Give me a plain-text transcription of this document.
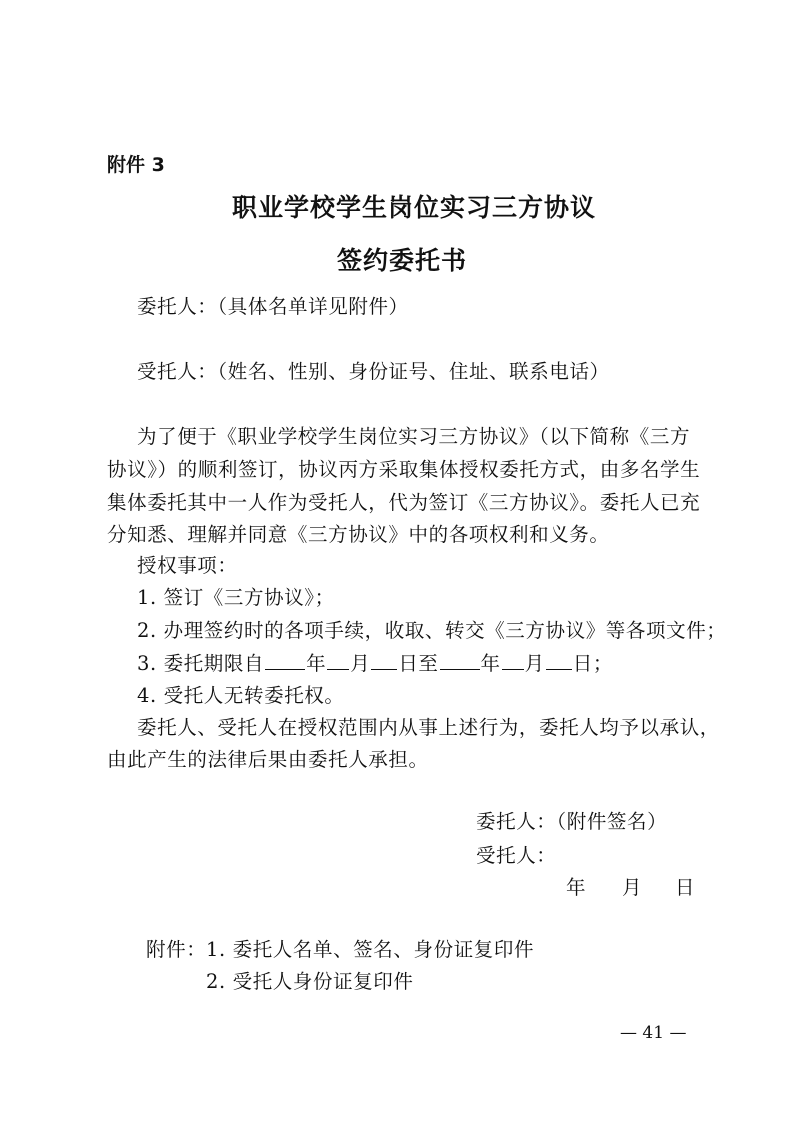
附件 3
职业学校学生岗位实习三方协议
签约委托书
委托人：（具体名单详见附件）
受托人：（姓名、性别、身份证号、住址、联系电话）
为了便于《职业学校学生岗位实习三方协议》（以下简称《三方
协议》）的顺利签订，协议丙方采取集体授权委托方式，由多名学生
集体委托其中一人作为受托人，代为签订《三方协议》。委托人已充
分知悉、理解并同意《三方协议》中的各项权利和义务。
授权事项：
1. 签订《三方协议》；
2. 办理签约时的各项手续，收取、转交《三方协议》等各项文件；
3. 委托期限自 年 月 日至 年 月 日；
4. 受托人无转委托权。
委托人、受托人在授权范围内从事上述行为，委托人均予以承认，
由此产生的法律后果由委托人承担。
委托人：（附件签名）
受托人：
年 月 日
附件： 1. 委托人名单、签名、身份证复印件
2. 受托人身份证复印件
— 41 —
